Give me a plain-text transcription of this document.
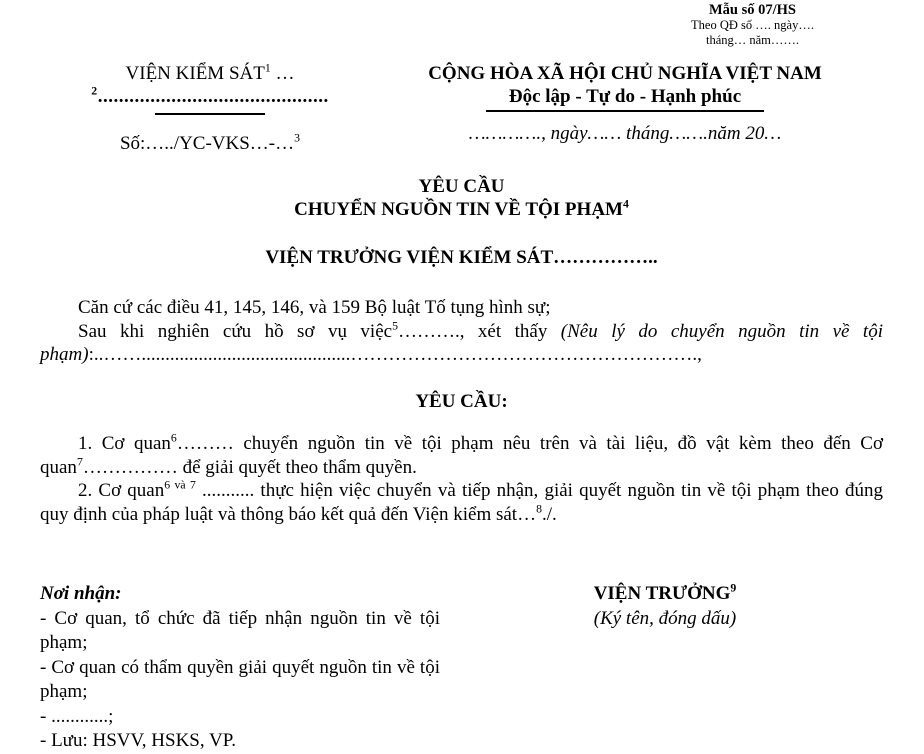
Mẫu số 07/HS
Theo QĐ số …. ngày….
tháng… năm…….
VIỆN KIỂM SÁT$^1$ …
$^2$............................................
Số:…../YC-VKS…-…$^3$
CỘNG HÒA XÃ HỘI CHỦ NGHĨA VIỆT NAM
Độc lập - Tự do - Hạnh phúc
…………., ngày…… tháng…….năm 20…
YÊU CẦU
CHUYỂN NGUỒN TIN VỀ TỘI PHẠM$^4$
VIỆN TRƯỞNG VIỆN KIỂM SÁT……………..

Căn cứ các điều 41, 145, 146, và 159 Bộ luật Tố tụng hình sự;

Sau khi nghiên cứu hồ sơ vụ việc$^5$………., xét thấy (Nêu lý do chuyển nguồn tin về tội phạm):..……............................................……………………………………………….,

YÊU CẦU:

1. Cơ quan$^6$……… chuyển nguồn tin về tội phạm nêu trên và tài liệu, đồ vật kèm theo đến Cơ quan$^7$…………… để giải quyết theo thẩm quyền.

2. Cơ quan$^{6 và 7}$ ........... thực hiện việc chuyển và tiếp nhận, giải quyết nguồn tin về tội phạm theo đúng quy định của pháp luật và thông báo kết quả đến Viện kiểm sát…$^8$./.

Nơi nhận:
- Cơ quan, tổ chức đã tiếp nhận nguồn tin về tội phạm;
- Cơ quan có thẩm quyền giải quyết nguồn tin về tội phạm;
- ............;
- Lưu: HSVV, HSKS, VP.
VIỆN TRƯỞNG$^9$
(Ký tên, đóng dấu)
